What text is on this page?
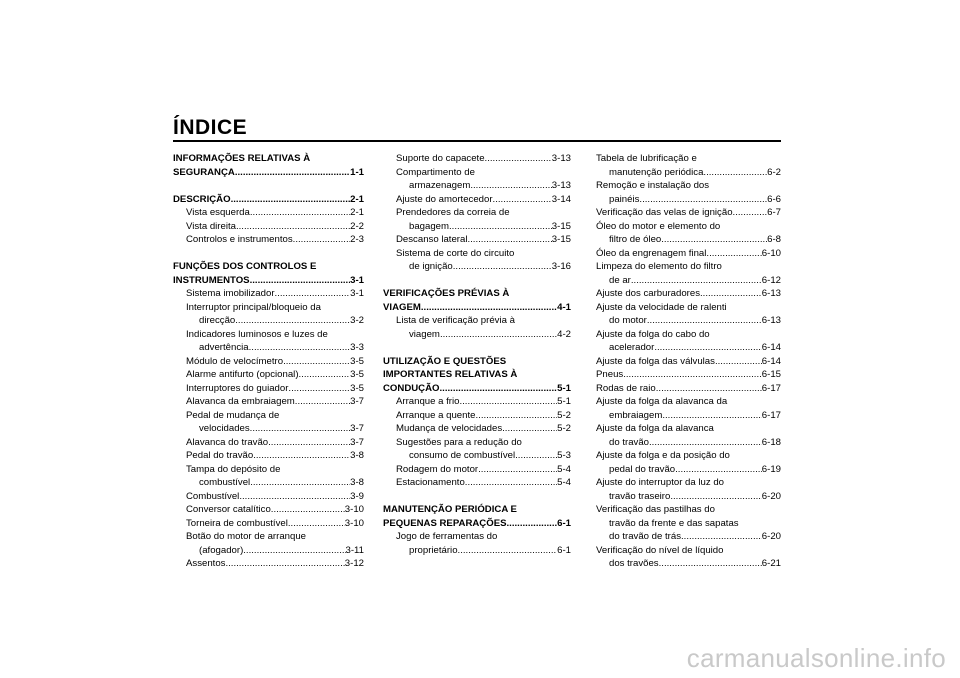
ÍNDICE
INFORMAÇÕES RELATIVAS À
SEGURANÇA .....	1-1
DESCRIÇÃO .....	2-1
Vista esquerda .....	2-1
Vista direita .....	2-2
Controlos e instrumentos .....	2-3
FUNÇÕES DOS CONTROLOS E
INSTRUMENTOS .....	3-1
Sistema imobilizador .....	3-1
Interruptor principal/bloqueio da
direcção .....	3-2
Indicadores luminosos e luzes de
advertência .....	3-3
Módulo de velocímetro .....	3-5
Alarme antifurto (opcional) .....	3-5
Interruptores do guiador .....	3-5
Alavanca da embraiagem .....	3-7
Pedal de mudança de
velocidades .....	3-7
Alavanca do travão .....	3-7
Pedal do travão .....	3-8
Tampa do depósito de
combustível .....	3-8
Combustível .....	3-9
Conversor catalítico .....	3-10
Torneira de combustível .....	3-10
Botão do motor de arranque
(afogador) .....	3-11
Assentos .....	3-12
Suporte do capacete .....	3-13
Compartimento de
armazenagem .....	3-13
Ajuste do amortecedor .....	3-14
Prendedores da correia de
bagagem .....	3-15
Descanso lateral .....	3-15
Sistema de corte do circuito
de ignição .....	3-16
VERIFICAÇÕES PRÉVIAS À
VIAGEM .....	4-1
Lista de verificação prévia à
viagem .....	4-2
UTILIZAÇÃO E QUESTÕES
IMPORTANTES RELATIVAS À
CONDUÇÃO .....	5-1
Arranque a frio .....	5-1
Arranque a quente .....	5-2
Mudança de velocidades .....	5-2
Sugestões para a redução do
consumo de combustível .....	5-3
Rodagem do motor .....	5-4
Estacionamento .....	5-4
MANUTENÇÃO PERIÓDICA E
PEQUENAS REPARAÇÕES .....	6-1
Jogo de ferramentas do
proprietário .....	6-1
Tabela de lubrificação e
manutenção periódica .....	6-2
Remoção e instalação dos
painéis .....	6-6
Verificação das velas de ignição .....	6-7
Óleo do motor e elemento do
filtro de óleo .....	6-8
Óleo da engrenagem final .....	6-10
Limpeza do elemento do filtro
de ar .....	6-12
Ajuste dos carburadores .....	6-13
Ajuste da velocidade de ralenti
do motor .....	6-13
Ajuste da folga do cabo do
acelerador .....	6-14
Ajuste da folga das válvulas .....	6-14
Pneus .....	6-15
Rodas de raio .....	6-17
Ajuste da folga da alavanca da
embraiagem .....	6-17
Ajuste da folga da alavanca
do travão .....	6-18
Ajuste da folga e da posição do
pedal do travão .....	6-19
Ajuste do interruptor da luz do
travão traseiro .....	6-20
Verificação das pastilhas do
travão da frente e das sapatas
do travão de trás .....	6-20
Verificação do nível de líquido
dos travões .....	6-21
carmanualsonline.info
